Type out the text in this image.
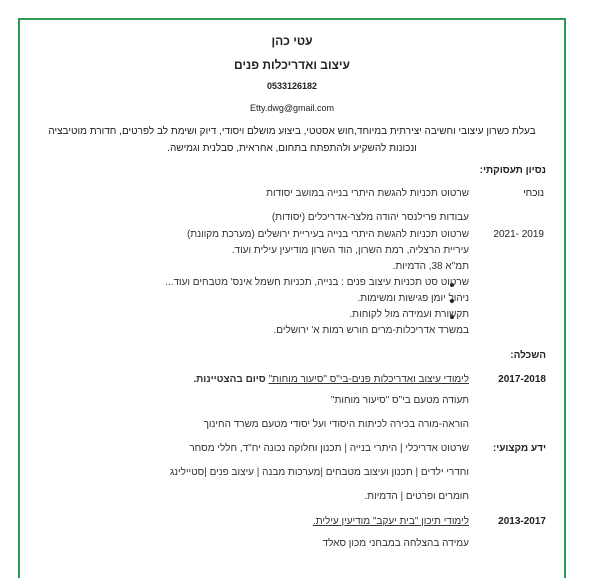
עטי כהן
עיצוב ואדריכלות פנים
0533126182
Etty.dwg@gmail.com
בעלת כשרון עיצובי וחשיבה יצירתית במיוחד,חוש אסטטי, ביצוע מושלם ויסודי, דיוק ושימת לב לפרטים, חדורת מוטיבציה ונכונות להשקיע ולהתפתח בתחום, אחראית, סבלנית וגמישה.
נסיון תעסוקתי:
נוכחי
שרטוט תכניות להגשת היתרי בנייה במושב יסודות
עבודות פרילנסר יהודה מלצר-אדריכלים (יסודות)
2019 -2021
שרטוט תכניות להגשת היתרי בנייה בעיריית ירושלים (מערכת מקוונת)
עיריית הרצליה, רמת השרון, הוד השרון מודיעין עילית ועוד.
תמ"א 38, הדמיות.
שרטוט סט תכניות עיצוב פנים : בנייה, תכניות חשמל אינס' מטבחים ועוד...
ניהול יומן פגישות ומשימות.
תקשורת ועמידה מול לקוחות.
במשרד אדריכלות-מרים חורש רמות א' ירושלים.
השכלה:
2017-2018
לימודי עיצוב ואדריכלות פנים-בי"ס "סיעור מוחות" סיום בהצטיינות.
תעודה מטעם בי"ס "סיעור מוחות"
הוראה-מורה בכירה לכיתות היסודי ועל יסודי מטעם משרד החינוך
ידע מקצועי:
שרטוט אדריכלי | היתרי בנייה | תכנון וחלוקה נכונה יח"ד, חללי מסחר
וחדרי ילדים | תכנון ועיצוב מטבחים |מערכות מבנה | עיצוב פנים |סטיילינג
חומרים ופרטים | הדמיות.
2013-2017
לימודי תיכון "בית יעקב" מודיעין עילית.
עמידה בהצלחה במבחני מכון סאלד
